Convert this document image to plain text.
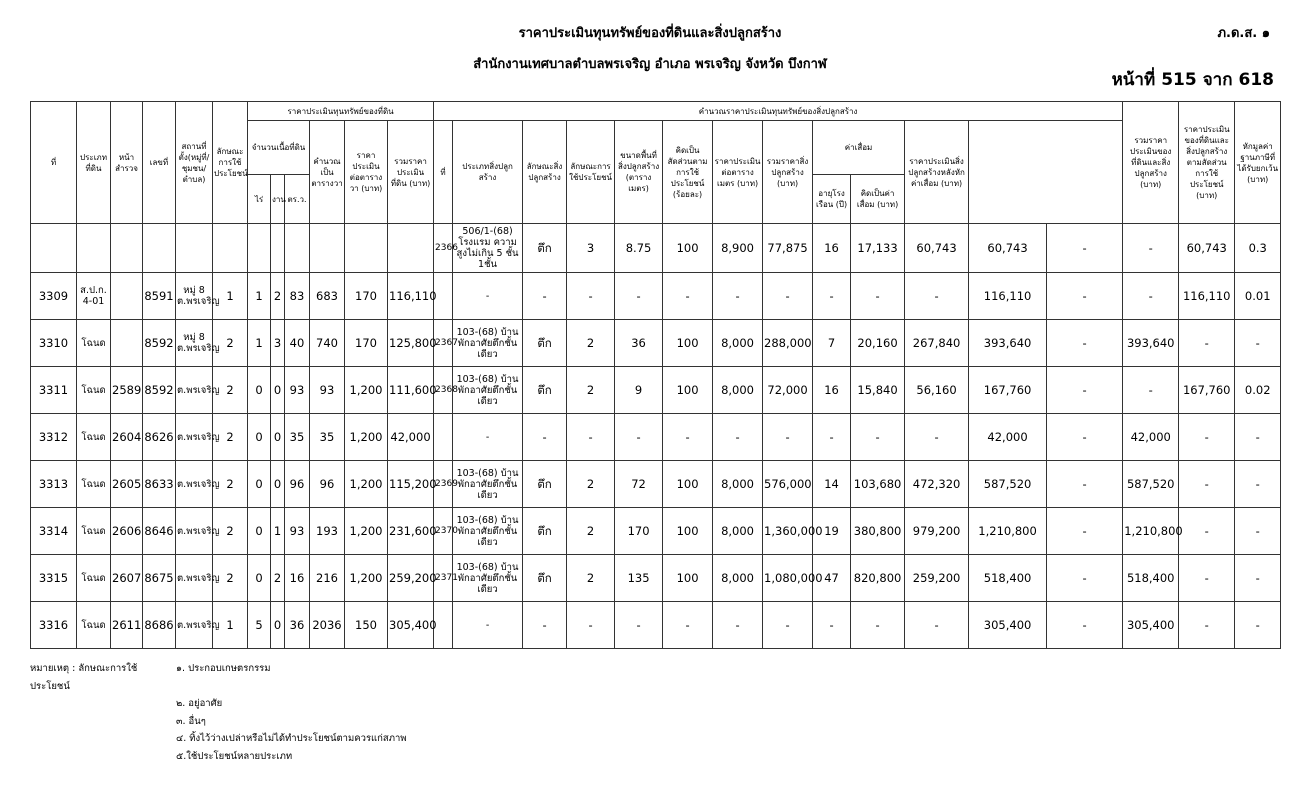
ราคาประเมินทุนทรัพย์ของที่ดินและสิ่งปลูกสร้าง
สำนักงานเทศบาลตำบลพรเจริญ อำเภอ พรเจริญ จังหวัด บึงกาฬ
ภ.ด.ส. ๑
หน้าที่ 515 จาก 618
ที่	ประเภทที่ดิน	หน้าสำรวจ	เลขที่	สถานที่ตั้ง(หมู่ที่/ชุมชน/ตำบล)	ลักษณะการใช้ประโยชน์	ราคาประเมินทุนทรัพย์ของที่ดิน						คำนวณราคาประเมินทุนทรัพย์ของสิ่งปลูกสร้าง													รวมราคาประเมินของที่ดินและสิ่งปลูกสร้าง (บาท)	ราคาประเมินของที่ดินและสิ่งปลูกสร้างตามสัดส่วนการใช้ประโยชน์ (บาท)	หักมูลค่าฐานภาษีที่ได้รับยกเว้น (บาท)		
						จำนวนเนื้อที่ดิน			คำนวณเป็นตารางวา	ราคาประเมินต่อตารางวา (บาท)	รวมราคาประเมินที่ดิน (บาท)	ที่	ประเภทสิ่งปลูกสร้าง	ลักษณะสิ่งปลูกสร้าง	ลักษณะการใช้ประโยชน์	ขนาดพื้นที่สิ่งปลูกสร้าง (ตารางเมตร)	คิดเป็นสัดส่วนตามการใช้ประโยชน์ (ร้อยละ)	ราคาประเมินต่อตารางเมตร (บาท)	รวมราคาสิ่งปลูกสร้าง (บาท)	ค่าเสื่อม		ราคาประเมินสิ่งปลูกสร้างหลังหักค่าเสื่อม (บาท)						
						ไร่	งาน	ตร.ว.												อายุโรงเรือน (ปี)	คิดเป็นค่าเสื่อม (บาท)							
												2366	506/1-(68) โรงแรม ความสูงไม่เกิน 5 ชั้น 1ชั้น	ตึก	3	8.75	100	8,900	77,875	16	17,133	60,743	60,743	-	-	60,743	0.3	
3309	ส.ป.ก. 4-01		8591	หมู่ 8 ต.พรเจริญ	1	1	2	83	683	170	116,110		-	-	-	-	-	-	-	-	-	-	116,110	-	-	116,110	0.01	
3310	โฉนด		8592	หมู่ 8 ต.พรเจริญ	2	1	3	40	740	170	125,800	2367	103-(68) บ้านพักอาศัยตึกชั้นเดียว	ตึก	2	36	100	8,000	288,000	7	20,160	267,840	393,640	-	393,640	-	-	
3311	โฉนด	2589	8592	ต.พรเจริญ	2	0	0	93	93	1,200	111,600	2368	103-(68) บ้านพักอาศัยตึกชั้นเดียว	ตึก	2	9	100	8,000	72,000	16	15,840	56,160	167,760	-	-	167,760	0.02	
3312	โฉนด	2604	8626	ต.พรเจริญ	2	0	0	35	35	1,200	42,000		-	-	-	-	-	-	-	-	-	-	42,000	-	42,000	-	-	
3313	โฉนด	2605	8633	ต.พรเจริญ	2	0	0	96	96	1,200	115,200	2369	103-(68) บ้านพักอาศัยตึกชั้นเดียว	ตึก	2	72	100	8,000	576,000	14	103,680	472,320	587,520	-	587,520	-	-	
3314	โฉนด	2606	8646	ต.พรเจริญ	2	0	1	93	193	1,200	231,600	2370	103-(68) บ้านพักอาศัยตึกชั้นเดียว	ตึก	2	170	100	8,000	1,360,000	19	380,800	979,200	1,210,800	-	1,210,800	-	-	
3315	โฉนด	2607	8675	ต.พรเจริญ	2	0	2	16	216	1,200	259,200	2371	103-(68) บ้านพักอาศัยตึกชั้นเดียว	ตึก	2	135	100	8,000	1,080,000	47	820,800	259,200	518,400	-	518,400	-	-	
3316	โฉนด	2611	8686	ต.พรเจริญ	1	5	0	36	2036	150	305,400		-	-	-	-	-	-	-	-	-	-	305,400	-	305,400	-	-	
หมายเหตุ : ลักษณะการใช้ประโยชน์
๑. ประกอบเกษตรกรรม
๒. อยู่อาศัย
๓. อื่นๆ
๔. ทิ้งไว้ว่างเปล่าหรือไม่ได้ทำประโยชน์ตามควรแก่สภาพ
๕.ใช้ประโยชน์หลายประเภท
